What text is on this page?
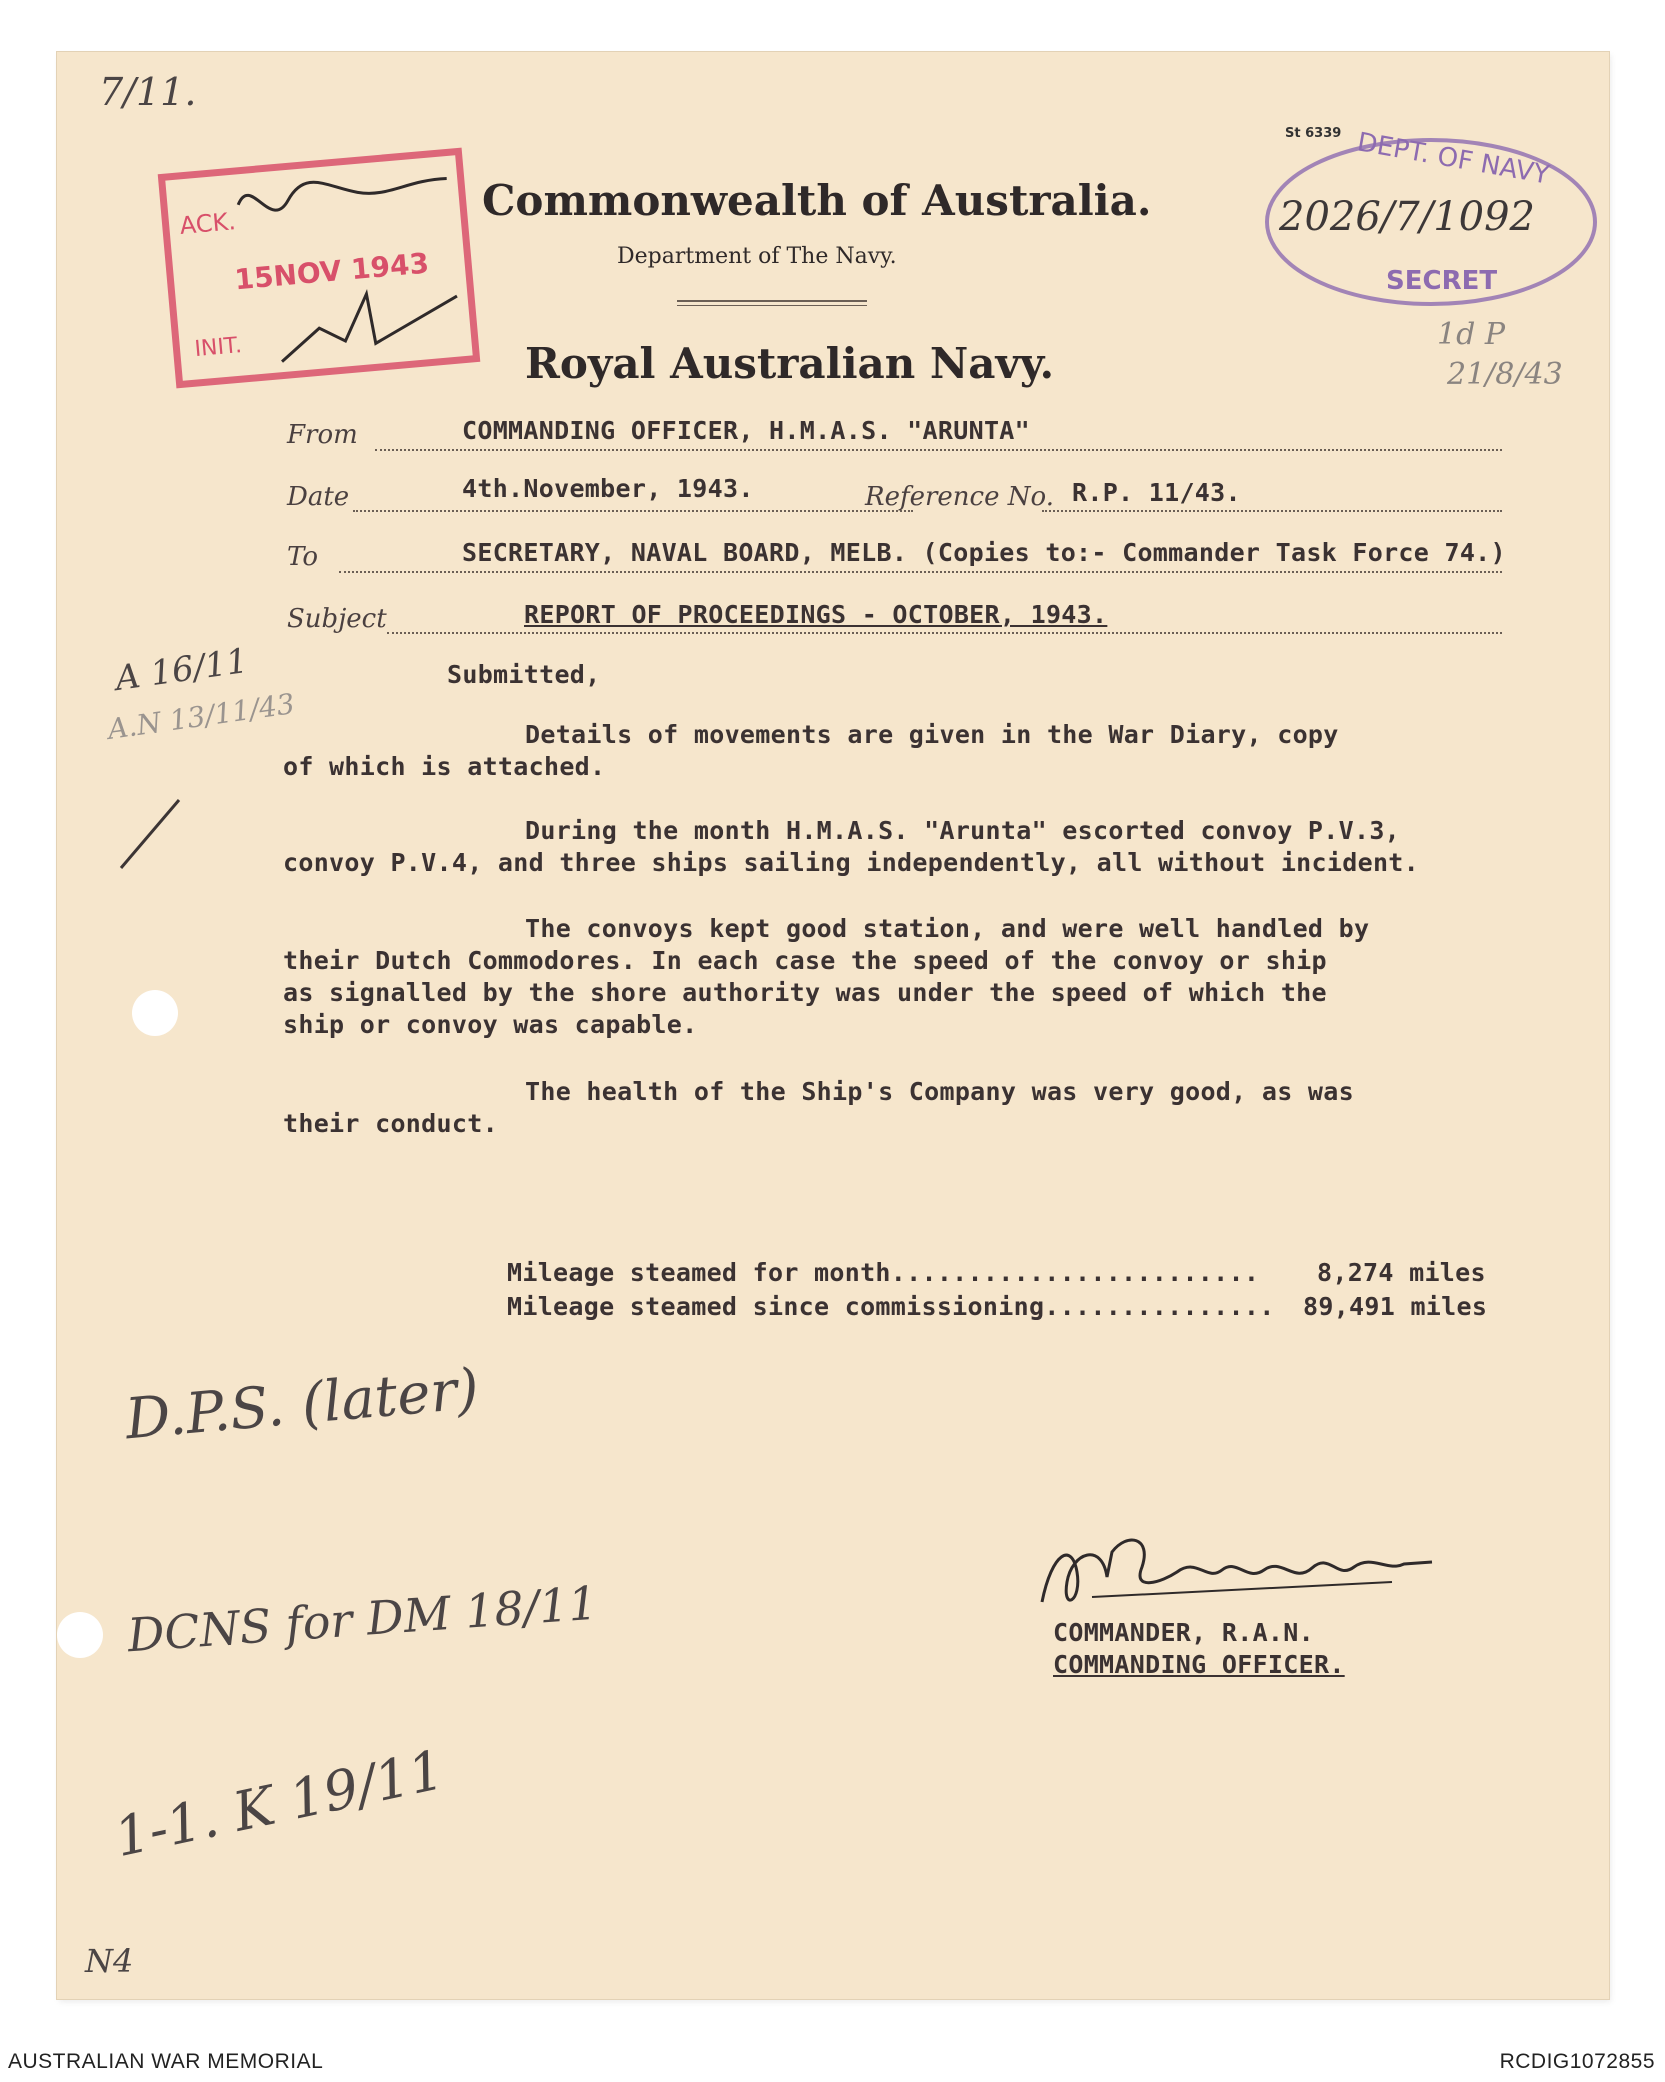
7/11.
St 6339
Commonwealth of Australia.
Department of The Navy.
Royal Australian Navy.
ACK.
15NOV 1943
INIT.
DEPT. OF NAVY
2026/7/1092
SECRET
1d P
21/8/43
From	COMMANDING OFFICER, H.M.A.S. "ARUNTA"
Date	4th.November, 1943.	Reference No. R.P. 11/43.
To	SECRETARY, NAVAL BOARD, MELB. (Copies to:- Commander Task Force 74.)
Subject	REPORT OF PROCEEDINGS - OCTOBER, 1943.
A 16/11
A.N 13/11/43
Submitted,
Details of movements are given in the War Diary, copy
of which is attached.
During the month H.M.A.S. "Arunta" escorted convoy P.V.3,
convoy P.V.4, and three ships sailing independently, all without incident.
The convoys kept good station, and were well handled by
their Dutch Commodores. In each case the speed of the convoy or ship
as signalled by the shore authority was under the speed of which the
ship or convoy was capable.
The health of the Ship's Company was very good, as was
their conduct.
Mileage steamed for month........................ 8,274 miles
Mileage steamed since commissioning............... 89,491 miles
D.P.S. (later)
DCNS for DM 18/11
1-1. K 19/11
N4
COMMANDER, R.A.N.
COMMANDING OFFICER.
AUSTRALIAN WAR MEMORIAL	RCDIG1072855
